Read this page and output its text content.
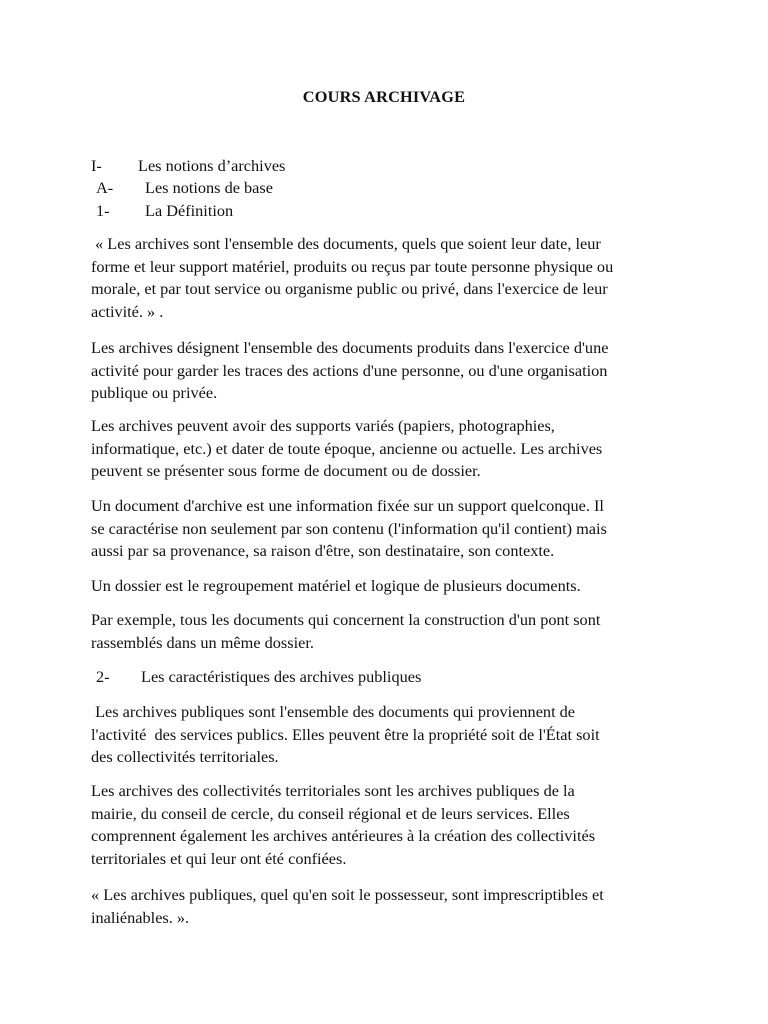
COURS ARCHIVAGE
I- Les notions d’archives
A- Les notions de base
1- La Définition
« Les archives sont l'ensemble des documents, quels que soient leur date, leur
forme et leur support matériel, produits ou reçus par toute personne physique ou
morale, et par tout service ou organisme public ou privé, dans l'exercice de leur
activité. » .
Les archives désignent l'ensemble des documents produits dans l'exercice d'une
activité pour garder les traces des actions d'une personne, ou d'une organisation
publique ou privée.
Les archives peuvent avoir des supports variés (papiers, photographies,
informatique, etc.) et dater de toute époque, ancienne ou actuelle. Les archives
peuvent se présenter sous forme de document ou de dossier.
Un document d'archive est une information fixée sur un support quelconque. Il
se caractérise non seulement par son contenu (l'information qu'il contient) mais
aussi par sa provenance, sa raison d'être, son destinataire, son contexte.
Un dossier est le regroupement matériel et logique de plusieurs documents.
Par exemple, tous les documents qui concernent la construction d'un pont sont
rassemblés dans un même dossier.
2- Les caractéristiques des archives publiques
Les archives publiques sont l'ensemble des documents qui proviennent de
l'activité  des services publics. Elles peuvent être la propriété soit de l'État soit
des collectivités territoriales.
Les archives des collectivités territoriales sont les archives publiques de la
mairie, du conseil de cercle, du conseil régional et de leurs services. Elles
comprennent également les archives antérieures à la création des collectivités
territoriales et qui leur ont été confiées.
« Les archives publiques, quel qu'en soit le possesseur, sont imprescriptibles et
inaliénables. ».
